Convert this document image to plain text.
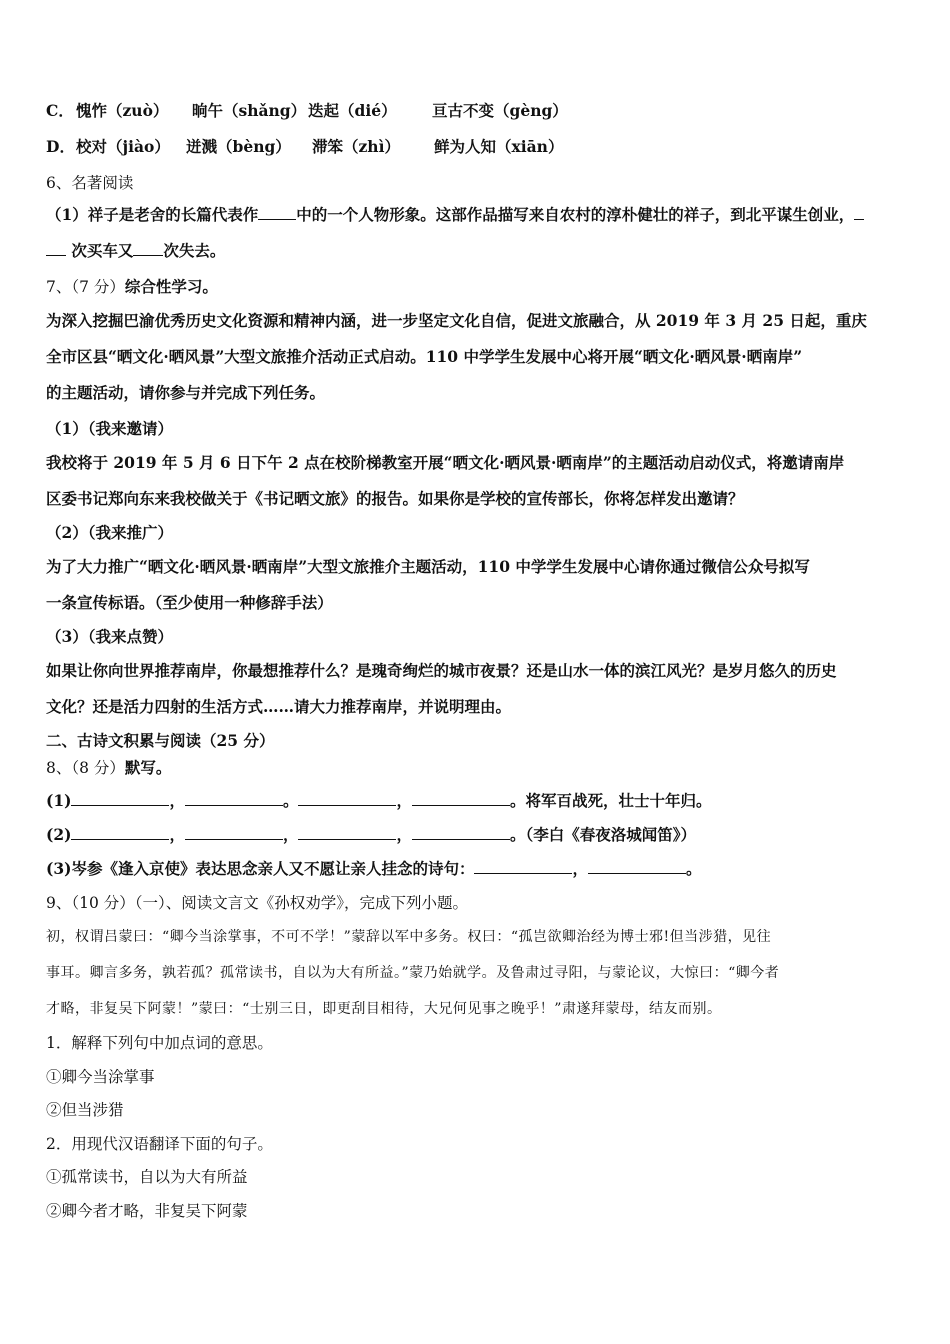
C． 愧怍（zuò） 晌午（shǎng） 迭起（dié） 亘古不变（gèng）
D． 校对（jiào） 迸溅（bèng） 滞笨（zhì） 鲜为人知（xiān）
6、名著阅读
（1）祥子是老舍的长篇代表作 中的一个人物形象。这部作品描写来自农村的淳朴健壮的祥子，到北平谋生创业，
次买车又 次失去。
7、（7 分）综合性学习。
为深入挖掘巴渝优秀历史文化资源和精神内涵，进一步坚定文化自信，促进文旅融合，从 2019 年 3 月 25 日起，重庆
全市区县“晒文化·晒风景”大型文旅推介活动正式启动。110 中学学生发展中心将开展“晒文化·晒风景·晒南岸”
的主题活动，请你参与并完成下列任务。
（1）（我来邀请）
我校将于 2019 年 5 月 6 日下午 2 点在校阶梯教室开展“晒文化·晒风景·晒南岸”的主题活动启动仪式，将邀请南岸
区委书记郑向东来我校做关于《书记晒文旅》的报告。如果你是学校的宣传部长，你将怎样发出邀请？
（2）（我来推广）
为了大力推广“晒文化·晒风景·晒南岸”大型文旅推介主题活动，110 中学学生发展中心请你通过微信公众号拟写
一条宣传标语。（至少使用一种修辞手法）
（3）（我来点赞）
如果让你向世界推荐南岸，你最想推荐什么？是瑰奇绚烂的城市夜景？还是山水一体的滨江风光？是岁月悠久的历史
文化？还是活力四射的生活方式……请大力推荐南岸，并说明理由。
二、古诗文积累与阅读（25 分）
8、（8 分）默写。
(1)	，	。	，	。将军百战死，壮士十年归。
(2)	，	，	，	。（李白《春夜洛城闻笛》）
(3)岑参《逢入京使》表达思念亲人又不愿让亲人挂念的诗句：	，	。
9、（10 分）（一）、阅读文言文《孙权劝学》，完成下列小题。
初，权谓吕蒙曰：“卿今当涂掌事，不可不学！”蒙辞以军中多务。权曰：“孤岂欲卿治经为博士邪!但当涉猎，见往
事耳。卿言多务，孰若孤？孤常读书，自以为大有所益。”蒙乃始就学。及鲁肃过寻阳，与蒙论议，大惊曰：“卿今者
才略，非复吴下阿蒙！”蒙曰：“士别三日，即更刮目相待，大兄何见事之晚乎！”肃遂拜蒙母，结友而别。
1．解释下列句中加点词的意思。
①卿今当涂掌事
②但当涉猎
2．用现代汉语翻译下面的句子。
①孤常读书，自以为大有所益
②卿今者才略，非复吴下阿蒙
